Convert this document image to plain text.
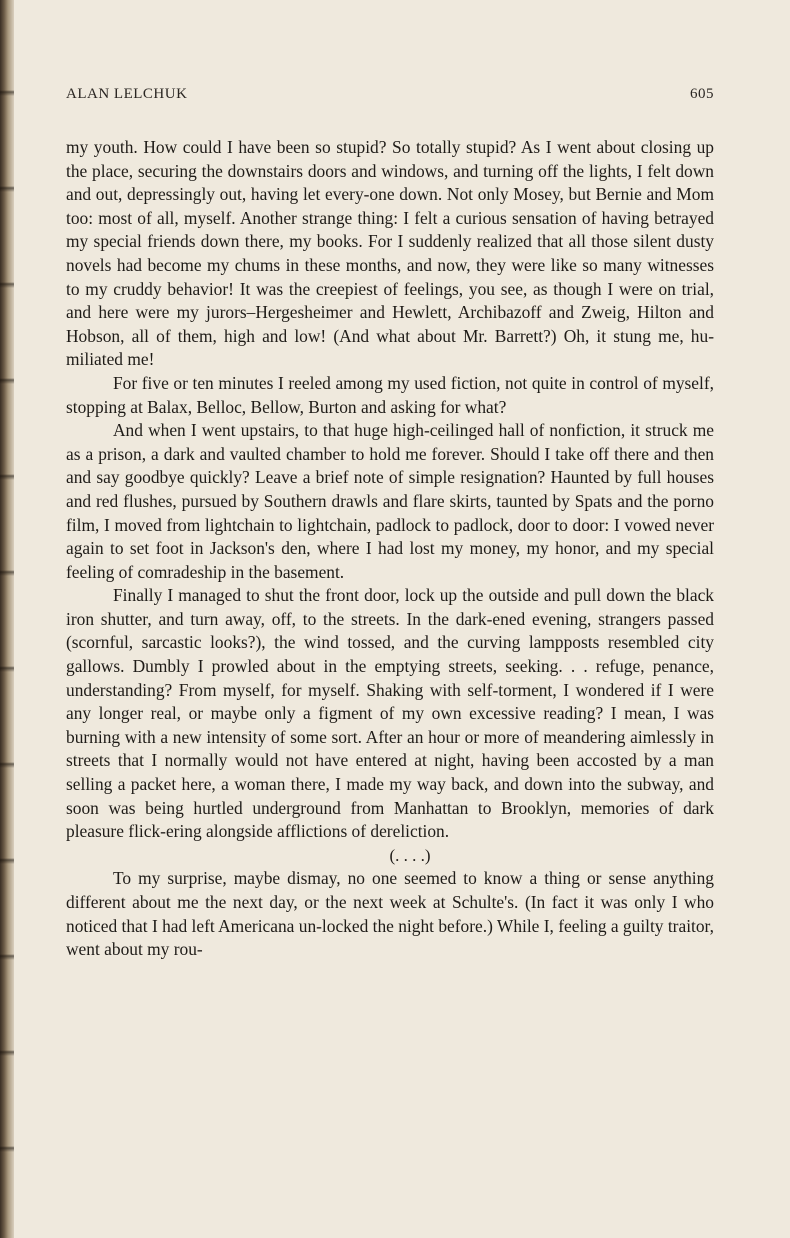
ALAN LELCHUK	605

my youth. How could I have been so stupid? So totally stupid? As I went about closing up the place, securing the downstairs doors and windows, and turning off the lights, I felt down and out, depressingly out, having let every-one down. Not only Mosey, but Bernie and Mom too: most of all, myself. Another strange thing: I felt a curious sensation of having betrayed my special friends down there, my books. For I suddenly realized that all those silent dusty novels had become my chums in these months, and now, they were like so many witnesses to my cruddy behavior! It was the creepiest of feelings, you see, as though I were on trial, and here were my jurors–Hergesheimer and Hewlett, Archibazoff and Zweig, Hilton and Hobson, all of them, high and low! (And what about Mr. Barrett?) Oh, it stung me, hu-miliated me!

For five or ten minutes I reeled among my used fiction, not quite in control of myself, stopping at Balax, Belloc, Bellow, Burton and asking for what?

And when I went upstairs, to that huge high-ceilinged hall of nonfiction, it struck me as a prison, a dark and vaulted chamber to hold me forever. Should I take off there and then and say goodbye quickly? Leave a brief note of simple resignation? Haunted by full houses and red flushes, pursued by Southern drawls and flare skirts, taunted by Spats and the porno film, I moved from lightchain to lightchain, padlock to padlock, door to door: I vowed never again to set foot in Jackson's den, where I had lost my money, my honor, and my special feeling of comradeship in the basement.

Finally I managed to shut the front door, lock up the outside and pull down the black iron shutter, and turn away, off, to the streets. In the dark-ened evening, strangers passed (scornful, sarcastic looks?), the wind tossed, and the curving lampposts resembled city gallows. Dumbly I prowled about in the emptying streets, seeking. . . refuge, penance, understanding? From myself, for myself. Shaking with self-torment, I wondered if I were any longer real, or maybe only a figment of my own excessive reading? I mean, I was burning with a new intensity of some sort. After an hour or more of meandering aimlessly in streets that I normally would not have entered at night, having been accosted by a man selling a packet here, a woman there, I made my way back, and down into the subway, and soon was being hurtled underground from Manhattan to Brooklyn, memories of dark pleasure flick-ering alongside afflictions of dereliction.

(. . . .)

To my surprise, maybe dismay, no one seemed to know a thing or sense anything different about me the next day, or the next week at Schulte's. (In fact it was only I who noticed that I had left Americana un-locked the night before.) While I, feeling a guilty traitor, went about my rou-
